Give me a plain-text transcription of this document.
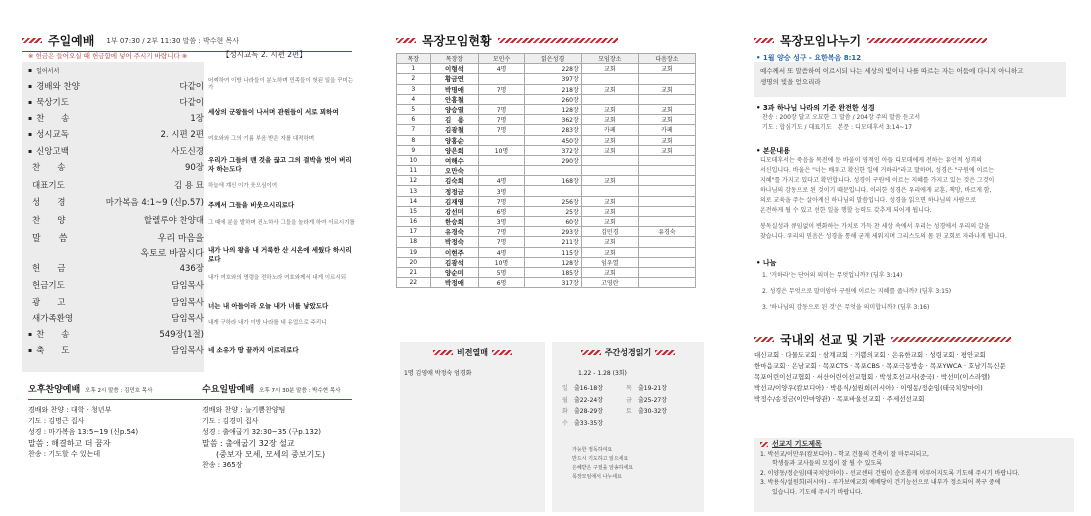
주일예배 1부 07:30 / 2부 11:30 말씀 : 박수현 목사
※ 헌금은 들어오실 때 헌금함에 넣어 주시기 바랍니다 ※	【성시교독 2. 시편 2편】
▪ 일어서서
▪ 경배와 찬양	다같이
▪ 묵상기도	다같이
▪ 찬　　송	1장
▪ 성시교독	2. 시편 2편
▪ 신앙고백	사도신경
찬　　송	90장
대표기도	김 용 묘
성　　경	마가복음 4:1~9 (신p.57)
찬　　양	할렐루야 찬양대
말　　씀	우리 마음을
옥토로 바꿉시다
헌　　금	436장
헌금기도	담임목사
광　　고	담임목사
새가족환영	담임목사
▪ 찬　　송	549장(1절)
▪ 축　　도	담임목사
어찌하여 이방 나라들이 분노하며 민족들이 헛된 일을 꾸미는가
세상의 군왕들이 나서며 관원들이 서로 꾀하여
여호와와 그의 기름 부음 받은 자를 대적하며
우리가 그들의 맨 것을 끊고 그의 결박을 벗어 버리자 하는도다
하늘에 계신 이가 웃으심이여
주께서 그들을 비웃으시리로다
그 때에 분을 발하며 진노하사 그들을 놀라게 하여 이르시기를
내가 나의 왕을 내 거룩한 산 시온에 세웠다 하시리로다
내가 여호와의 명령을 전하노라 여호와께서 내게 이르시되
너는 내 아들이라 오늘 내가 너를 낳았도다
내게 구하라 내가 이방 나라를 네 유업으로 주리니
네 소유가 땅 끝까지 이르리로다
오후찬양예배 오후 2시 말씀 : 김민호 목사
경배와 찬양 : 대학 · 청년부
기도 : 김명근 집사
성경 : 마가복음 13:5~19 (신p.54)
말씀 : 해결하고 더 꿈자
찬송 : 기도할 수 있는데
수요일밤예배 오후 7시 30분 말씀 : 박수현 목사
경배와 찬양 : 늘기쁨찬양팀
기도 : 김경미 집사
성경 : 출애굽기 32:30~35 (구p.132)
말씀 : 출애굽기 32장 설교
(중보자 모세, 모세의 중보기도)
찬송 : 365장
목장모임현황
목장	목장장	모인수	읽은성경	모임장소	다음장소
1	이형석	4명	228장	교회	교회
2	황금연		397장		
3	박명애	7명	218장	교회	교회
4	안홍철		260장		
5	양승열	7명	128장	교회	교회
6	김　용	7명	362장	교회	교회
7	김광철	7명	283장	카페	카페
8	양홍순		450장	교회	교회
9	양은희	10명	372장	교회	교회
10	여해수		290장		
11	오만숙				
12	김숙희	4명	168장	교회	
13	정정금	3명			
14	김재영	7명	256장	교회	
15	강선미	6명	25장	교회	
16	한승희	3명	60장	교회	
17	유경숙	7명	293장	김민경	유경숙
18	박정숙	7명	211장	교회	
19	이현주	4명	115장	교회	
20	김광석	10명	128장	임우열	
21	양순미	5명	185장	교회	
22	박정애	6명	317장	고영란	
비전열매
1명 김영애 박정숙 엄경화
주간성경읽기
1.22 - 1.28 (3회)
일	출16-18장	목	출19-21장
월	출22-24장	금	출25-27장
화	출28-29장	토	출30-32장
수	출33-35장
가능한 정독하여요
반드시 기도하고 읽으세요
은혜받은 구절을 암송하세요
목장모임에서 나누세요
목장모임나누기
• 1월 양승 성구 - 요한복음 8:12
예수께서 또 말씀하여 이르시되 나는 세상의 빛이니 나를 따르는 자는 어둠에 다니지 아니하고
생명의 빛을 얻으리라
• 3과 하나님 나라의 기준 완전한 성경
찬송 : 200장 달고 오묘한 그 말씀 / 204장 주의 말씀 듣고서
기도 : 합심기도 / 대표기도　본문 : 디모데후서 3:14~17
• 본문내용
디모데후서는 죽음을 목전에 둔 바울이 영적인 아들 디모데에게 전하는 유언적 성격의
서신입니다. 바울은 "너는 배우고 확신한 일에 거하라"라고 말하며, 성경은 "구원에 이르는
지혜"를 가지고 있다고 확언합니다. 성경이 구원에 이르는 지혜를 가지고 있는 것은 그것이
하나님의 감동으로 된 것이기 때문입니다. 이러한 성경은 우리에게 교훈, 책망, 바르게 함,
의로 교육을 주는 살아계신 하나님의 말씀입니다. 성경을 읽으면 하나님의 사람으로
온전하게 될 수 있고 선한 일을 행할 능력도 갖추게 되어게 됩니다.
봉독실성과 큐임없이 변화하는 가치로 가득 찬 세상 속에서 우리는 성경에서 우리의 갈을
찾습니다. 우리의 믿음은 성경을 통해 굳게 세워지며 그리스도의 몸 된 교회로 자라나게 됩니다.
• 나눔
1. '거하라'는 단어의 의미는 무엇입니까? (딤후 3:14)
2. 성경은 무엇으로 말미암아 구원에 이르는 지혜를 줍니까? (딤후 3:15)
3. '하나님의 감동으로 된 것'은 무엇을 의미합니까? (딤후 3:16)
국내외 선교 및 기관
대신교회 · 다물도교회 · 삼계교회 · 기쁨의교회 · 은유한교회 · 성령교회 · 평안교회
한마음교회 · 은남교회 · 목포CTS · 목포CBS · 목포극동방송 · 목포YWCA · 호남기독신문
목포어린이선교협회 · 서산어린이선교협회 · 박성호선교사(중국) · 박선미(이스라엘)
박선교/이양우(캄보디아) · 박용식/설원희(러시아) · 이영동/정순임(태국치앙마이)
박정수/송정금(이안마양관) · 목포바울선교회 · 주세선선교회
선교지 기도제목
1. 박선교/이만우(캄보디아) - 학교 건물의 건축이 잘 마무리되고,
　　학생들과 교사들의 모집이 잘 될 수 있도록
2. 이양동/정순임(태국치앙마이) - 선교센터 건립이 순조롭게 이루어지도록 기도해 주시기 바랍니다.
3. 박용식/설원희(러시아) - 루가보에교회 예배당이 건기능선으로 내부가 정소되어 복구 중에
　　있습니다. 기도해 주시기 바랍니다.
